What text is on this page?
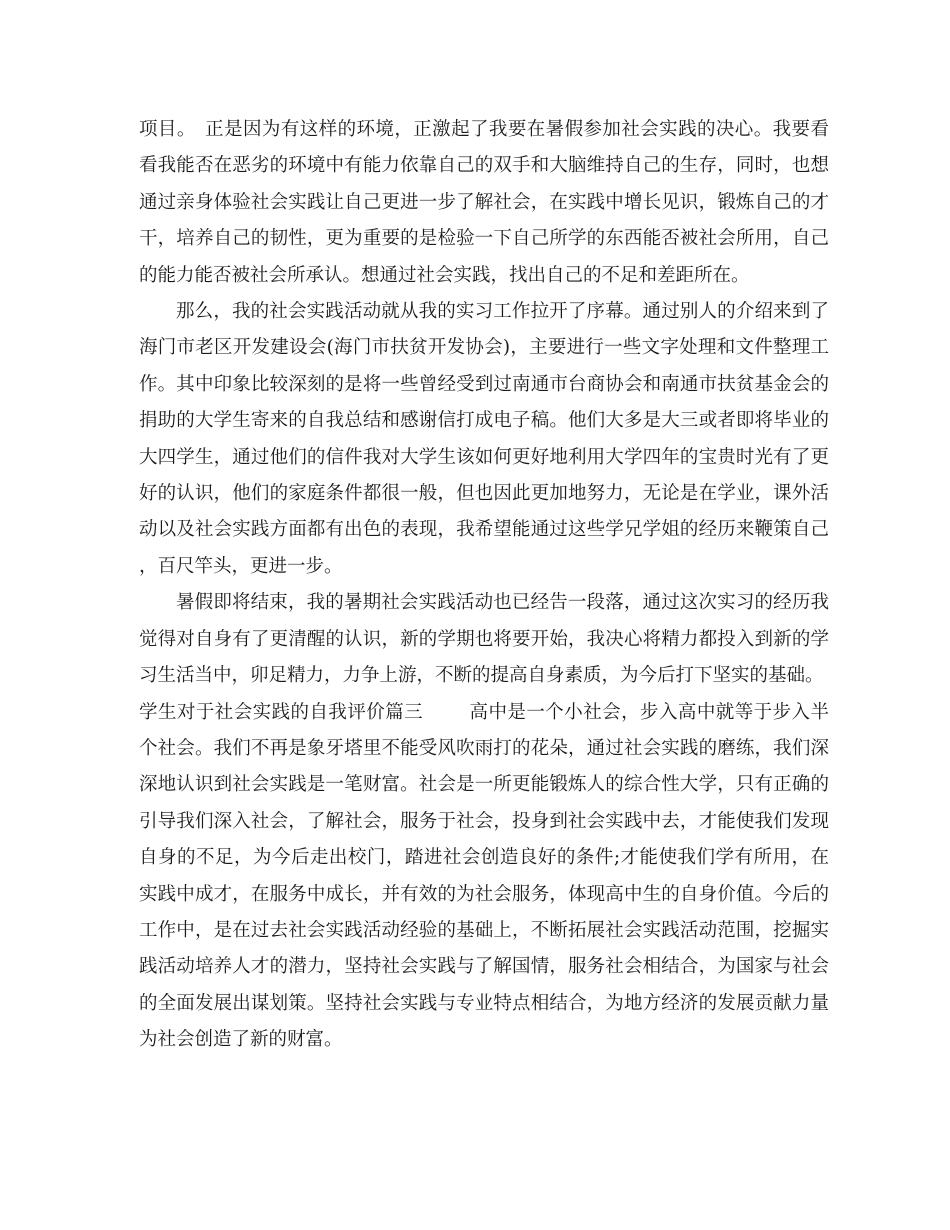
项目。 正是因为有这样的环境，正激起了我要在暑假参加社会实践的决心。我要看看我能否在恶劣的环境中有能力依靠自己的双手和大脑维持自己的生存，同时，也想通过亲身体验社会实践让自己更进一步了解社会，在实践中增长见识，锻炼自己的才干，培养自己的韧性，更为重要的是检验一下自己所学的东西能否被社会所用，自己的能力能否被社会所承认。想通过社会实践，找出自己的不足和差距所在。

那么，我的社会实践活动就从我的实习工作拉开了序幕。通过别人的介绍来到了海门市老区开发建设会(海门市扶贫开发协会)，主要进行一些文字处理和文件整理工作。其中印象比较深刻的是将一些曾经受到过南通市台商协会和南通市扶贫基金会的捐助的大学生寄来的自我总结和感谢信打成电子稿。他们大多是大三或者即将毕业的大四学生，通过他们的信件我对大学生该如何更好地利用大学四年的宝贵时光有了更好的认识，他们的家庭条件都很一般，但也因此更加地努力，无论是在学业，课外活动以及社会实践方面都有出色的表现，我希望能通过这些学兄学姐的经历来鞭策自己，百尺竿头，更进一步。

暑假即将结束，我的暑期社会实践活动也已经告一段落，通过这次实习的经历我觉得对自身有了更清醒的认识，新的学期也将要开始，我决心将精力都投入到新的学习生活当中，卯足精力，力争上游，不断的提高自身素质，为今后打下坚实的基础。

学生对于社会实践的自我评价篇三 高中是一个小社会，步入高中就等于步入半个社会。我们不再是象牙塔里不能受风吹雨打的花朵，通过社会实践的磨练，我们深深地认识到社会实践是一笔财富。社会是一所更能锻炼人的综合性大学，只有正确的引导我们深入社会，了解社会，服务于社会，投身到社会实践中去，才能使我们发现自身的不足，为今后走出校门，踏进社会创造良好的条件;才能使我们学有所用，在实践中成才，在服务中成长，并有效的为社会服务，体现高中生的自身价值。今后的工作中，是在过去社会实践活动经验的基础上，不断拓展社会实践活动范围，挖掘实践活动培养人才的潜力，坚持社会实践与了解国情，服务社会相结合，为国家与社会的全面发展出谋划策。坚持社会实践与专业特点相结合，为地方经济的发展贡献力量为社会创造了新的财富。
